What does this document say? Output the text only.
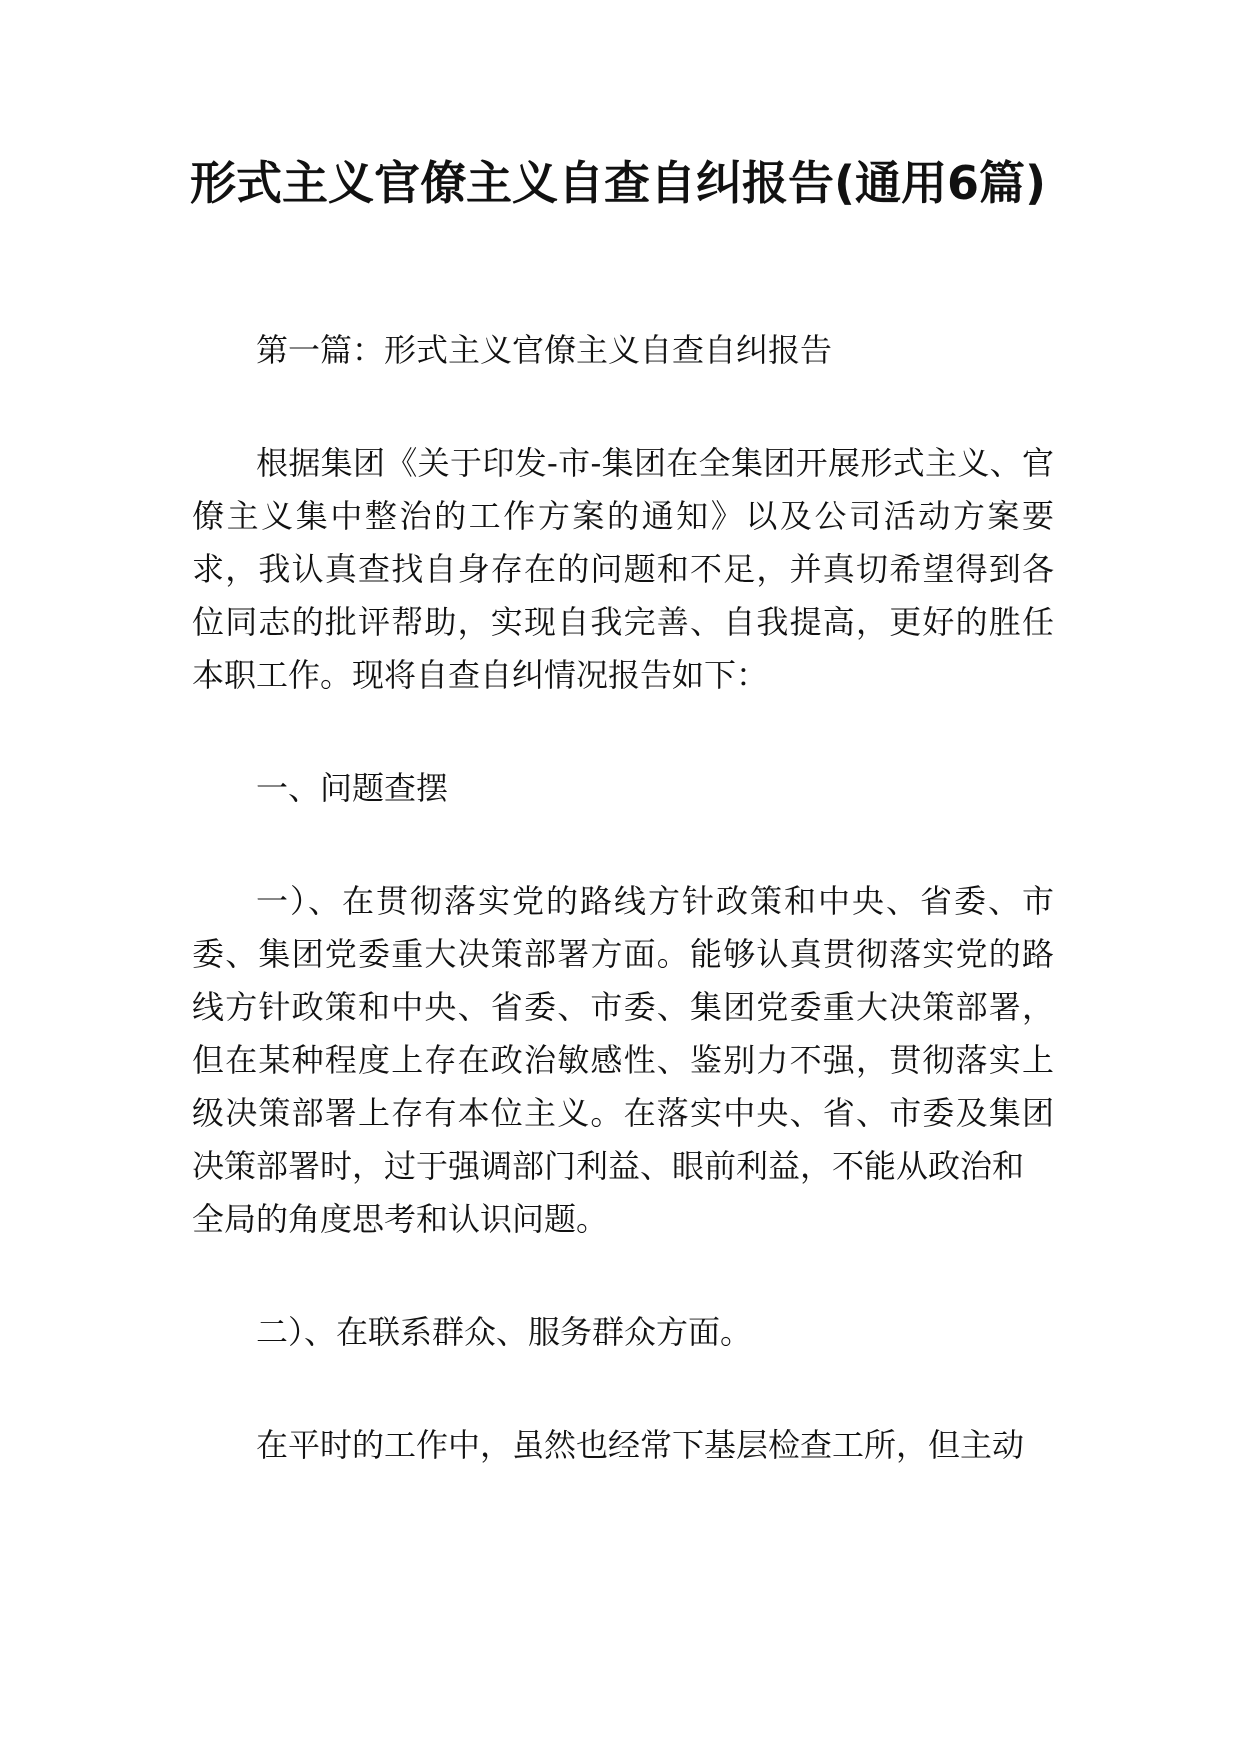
形式主义官僚主义自查自纠报告(通用6篇)

第一篇：形式主义官僚主义自查自纠报告

根据集团《关于印发-市-集团在全集团开展形式主义、官僚主义集中整治的工作方案的通知》以及公司活动方案要求，我认真查找自身存在的问题和不足，并真切希望得到各位同志的批评帮助，实现自我完善、自我提高，更好的胜任本职工作。现将自查自纠情况报告如下：

一、问题查摆

一）、在贯彻落实党的路线方针政策和中央、省委、市委、集团党委重大决策部署方面。能够认真贯彻落实党的路线方针政策和中央、省委、市委、集团党委重大决策部署，但在某种程度上存在政治敏感性、鉴别力不强，贯彻落实上级决策部署上存有本位主义。在落实中央、省、市委及集团 决策部署时，过于强调部门利益、眼前利益，不能从政治和

全局的角度思考和认识问题。

二）、在联系群众、服务群众方面。

在平时的工作中，虽然也经常下基层检查工所，但主动
